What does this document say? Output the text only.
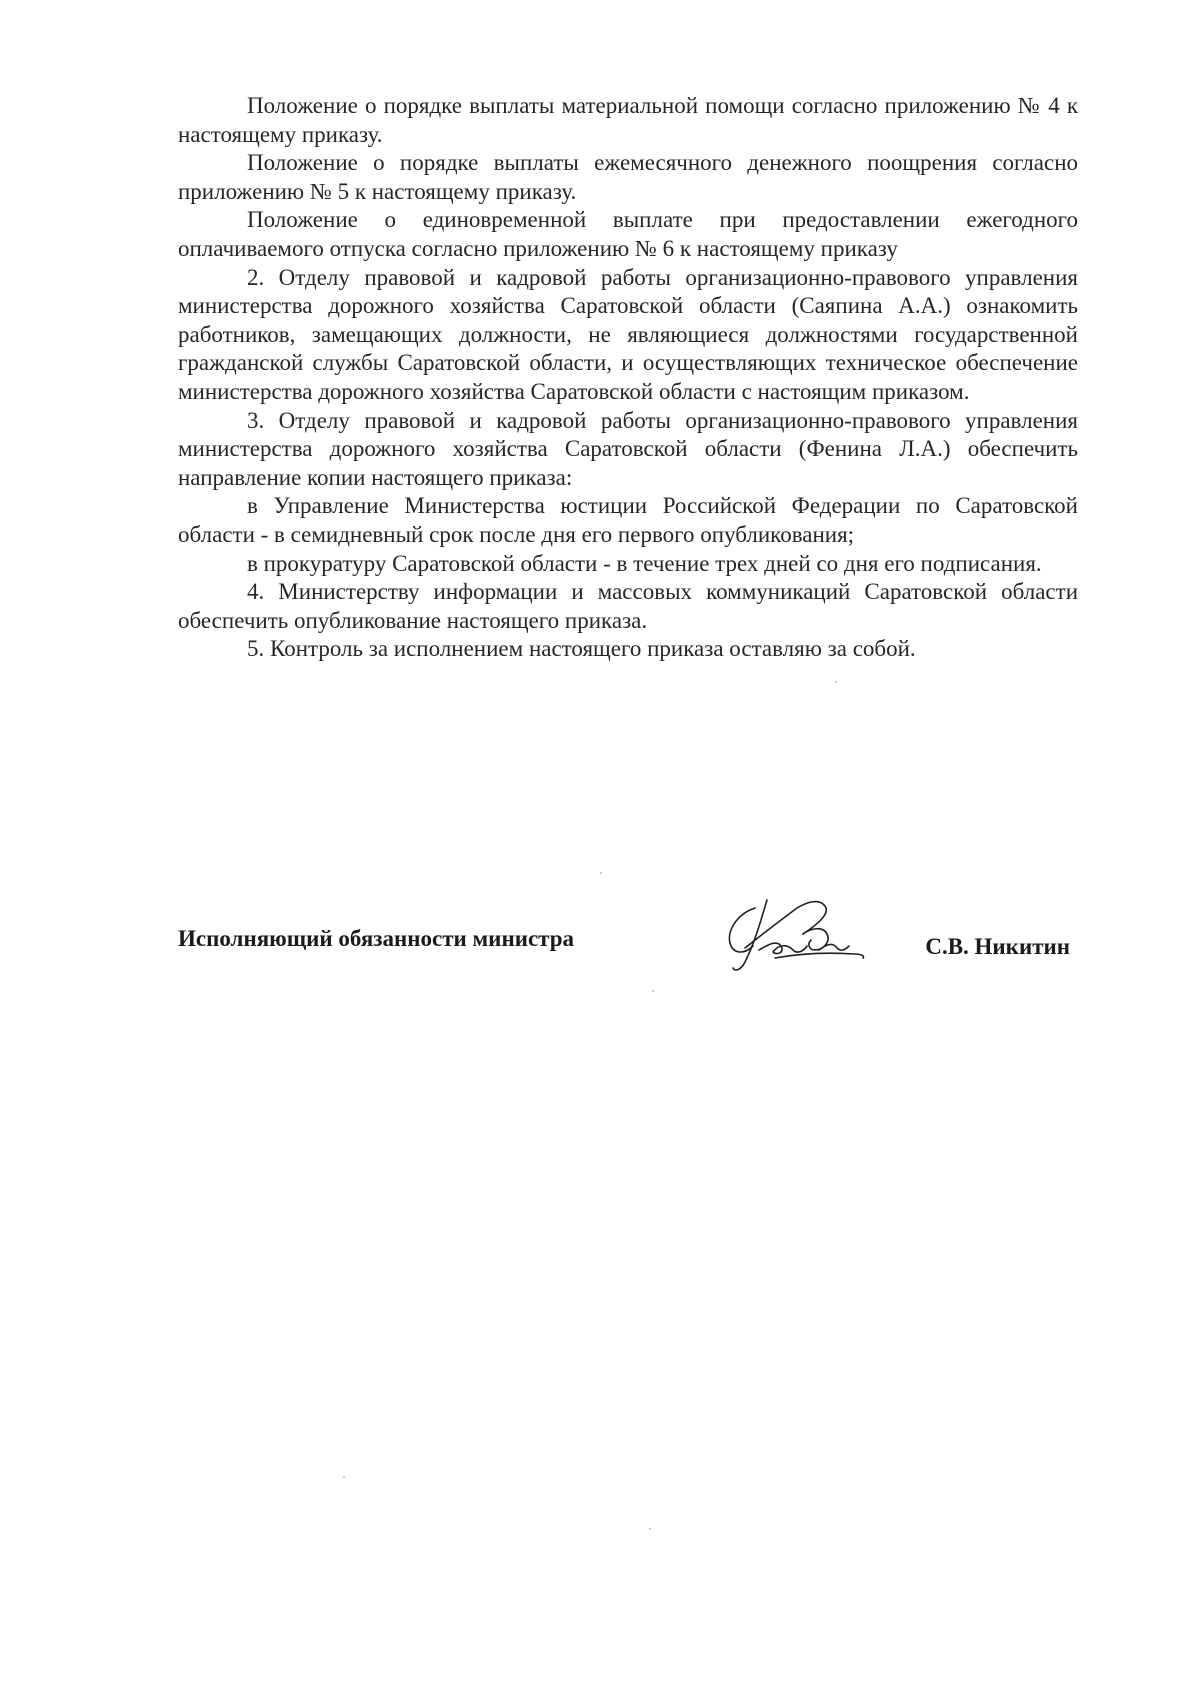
Положение о порядке выплаты материальной помощи согласно приложению № 4 к настоящему приказу.

Положение о порядке выплаты ежемесячного денежного поощрения согласно приложению № 5 к настоящему приказу.

Положение о единовременной выплате при предоставлении ежегодного оплачиваемого отпуска согласно приложению № 6 к настоящему приказу

2. Отделу правовой и кадровой работы организационно-правового управления министерства дорожного хозяйства Саратовской области (Саяпина А.А.) ознакомить работников, замещающих должности, не являющиеся должностями государственной гражданской службы Саратовской области, и осуществляющих техническое обеспечение министерства дорожного хозяйства Саратовской области с настоящим приказом.

3. Отделу правовой и кадровой работы организационно-правового управления министерства дорожного хозяйства Саратовской области (Фенина Л.А.) обеспечить направление копии настоящего приказа:

в Управление Министерства юстиции Российской Федерации по Саратовской области - в семидневный срок после дня его первого опубликования;

в прокуратуру Саратовской области - в течение трех дней со дня его подписания.

4. Министерству информации и массовых коммуникаций Саратовской области обеспечить опубликование настоящего приказа.

5. Контроль за исполнением настоящего приказа оставляю за собой.

Исполняющий обязанности министра	С.В. Никитин
